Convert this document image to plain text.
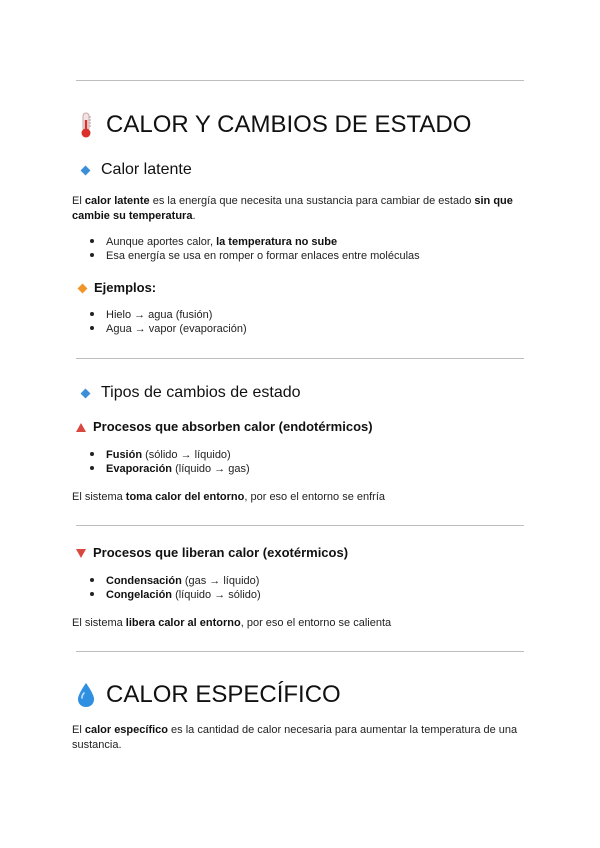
CALOR Y CAMBIOS DE ESTADO
Calor latente
El calor latente es la energía que necesita una sustancia para cambiar de estado sin que cambie su temperatura.
Aunque aportes calor, la temperatura no sube
Esa energía se usa en romper o formar enlaces entre moléculas
Ejemplos:
Hielo → agua (fusión)
Agua → vapor (evaporación)
Tipos de cambios de estado
Procesos que absorben calor (endotérmicos)
Fusión (sólido → líquido)
Evaporación (líquido → gas)
El sistema toma calor del entorno, por eso el entorno se enfría
Procesos que liberan calor (exotérmicos)
Condensación (gas → líquido)
Congelación (líquido → sólido)
El sistema libera calor al entorno, por eso el entorno se calienta
CALOR ESPECÍFICO
El calor específico es la cantidad de calor necesaria para aumentar la temperatura de una sustancia.
